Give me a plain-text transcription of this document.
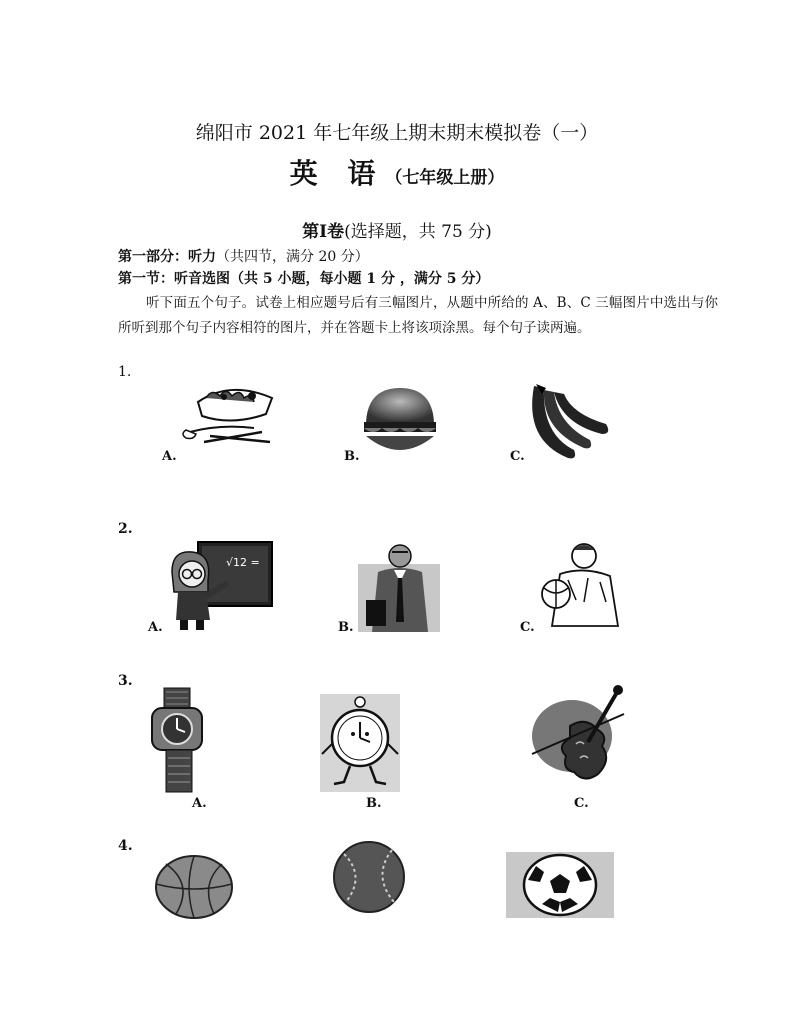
绵阳市 2021 年七年级上期末期末模拟卷（一）
英 语（七年级上册）
第Ⅰ卷(选择题，共 75 分)
第一部分：听力（共四节，满分 20 分）
第一节：听音选图（共 5 小题，每小题 1 分 ，满分 5 分）
听下面五个句子。试卷上相应题号后有三幅图片，从题中所给的 A、B、C 三幅图片中选出与你所听到那个句子内容相符的图片，并在答题卡上将该项涂黑。每个句子读两遍。
1.
A.	B.	C.
2.
√12 =
A.	B.	C.
3.
A.	B.	C.
4.
